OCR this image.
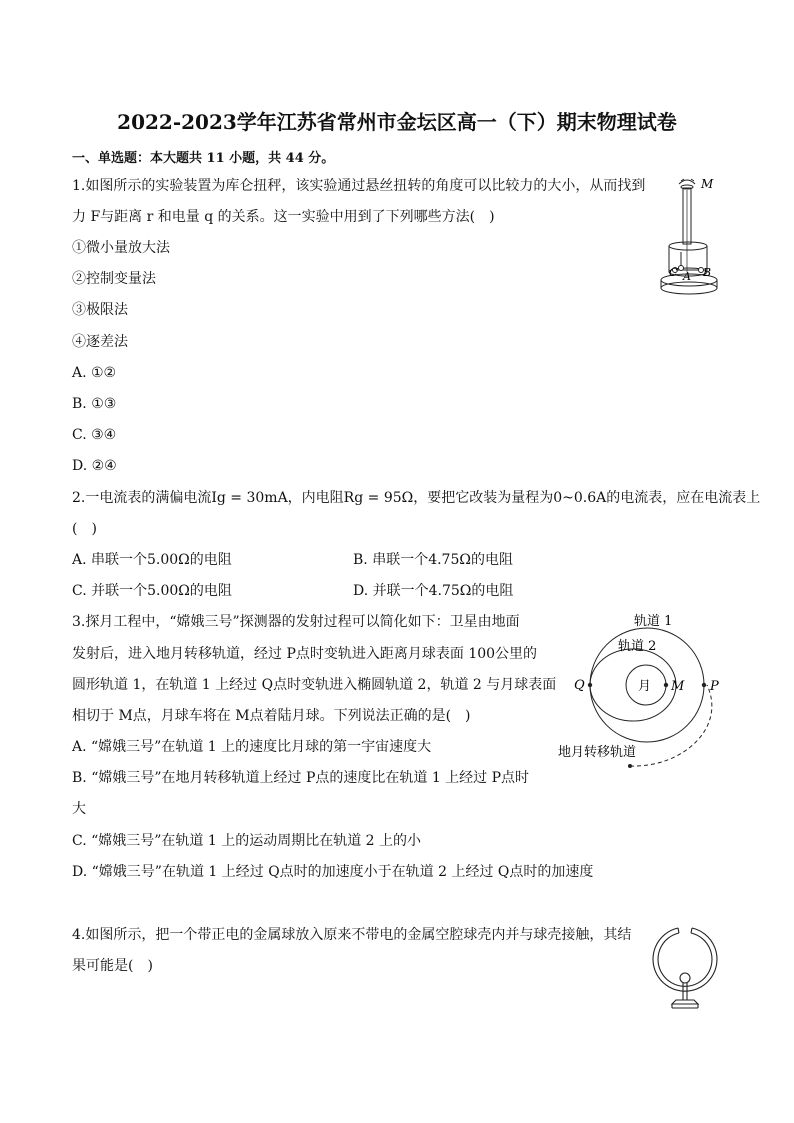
2022-2023学年江苏省常州市金坛区高一（下）期末物理试卷
一、单选题：本大题共 11 小题，共 44 分。
1.如图所示的实验装置为库仑扭秤，该实验通过悬丝扭转的角度可以比较力的大小，从而找到
力 F与距离 r 和电量 q 的关系。这一实验中用到了下列哪些方法(　)
①微小量放大法
②控制变量法
③极限法
④逐差法
A. ①②
B. ①③
C. ③④
D. ②④
M
C A B
2.一电流表的满偏电流Ig = 30mA，内电阻Rg = 95Ω，要把它改装为量程为0~0.6A的电流表，应在电流表上
(　)
A. 串联一个5.00Ω的电阻	B. 串联一个4.75Ω的电阻
C. 并联一个5.00Ω的电阻	D. 并联一个4.75Ω的电阻
3.探月工程中，“嫦娥三号”探测器的发射过程可以简化如下：卫星由地面
发射后，进入地月转移轨道，经过 P点时变轨进入距离月球表面 100公里的
圆形轨道 1，在轨道 1 上经过 Q点时变轨进入椭圆轨道 2，轨道 2 与月球表面
相切于 M点，月球车将在 M点着陆月球。下列说法正确的是(　)
A. “嫦娥三号”在轨道 1 上的速度比月球的第一宇宙速度大
B. “嫦娥三号”在地月转移轨道上经过 P点的速度比在轨道 1 上经过 P点时
大
C. “嫦娥三号”在轨道 1 上的运动周期比在轨道 2 上的小
D. “嫦娥三号”在轨道 1 上经过 Q点时的加速度小于在轨道 2 上经过 Q点时的加速度
轨道 1
轨道 2
Q	月 M P
地月转移轨道
4.如图所示，把一个带正电的金属球放入原来不带电的金属空腔球壳内并与球壳接触，其结
果可能是(　)
